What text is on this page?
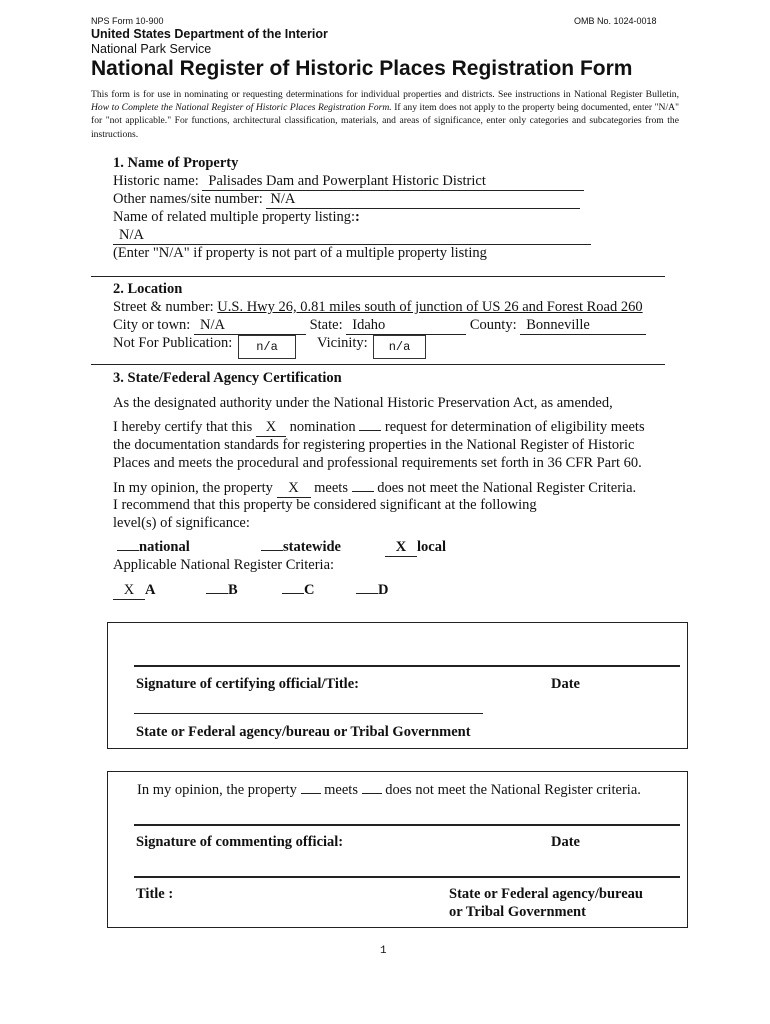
NPS Form 10-900	OMB No. 1024-0018
United States Department of the Interior
National Park Service
National Register of Historic Places Registration Form
This form is for use in nominating or requesting determinations for individual properties and districts. See instructions in National Register Bulletin, How to Complete the National Register of Historic Places Registration Form. If any item does not apply to the property being documented, enter "N/A" for "not applicable." For functions, architectural classification, materials, and areas of significance, enter only categories and subcategories from the instructions.
1. Name of Property
Historic name: Palisades Dam and Powerplant Historic District
Other names/site number: N/A
Name of related multiple property listing::
N/A
(Enter "N/A" if property is not part of a multiple property listing
2. Location
Street & number: U.S. Hwy 26, 0.81 miles south of junction of US 26 and Forest Road 260
City or town: N/A	State: Idaho	County: Bonneville
Not For Publication:	n/a	Vicinity:	n/a
3. State/Federal Agency Certification
As the designated authority under the National Historic Preservation Act, as amended,
I hereby certify that this X nomination request for determination of eligibility meets
the documentation standards for registering properties in the National Register of Historic
Places and meets the procedural and professional requirements set forth in 36 CFR Part 60.
In my opinion, the property X meets does not meet the National Register Criteria.
I recommend that this property be considered significant at the following
level(s) of significance:
national	statewide	X local
Applicable National Register Criteria:
X A	B	C	D
Signature of certifying official/Title:	Date
State or Federal agency/bureau or Tribal Government
In my opinion, the property meets does not meet the National Register criteria.
Signature of commenting official:	Date
Title :	State or Federal agency/bureau
or Tribal Government
1
